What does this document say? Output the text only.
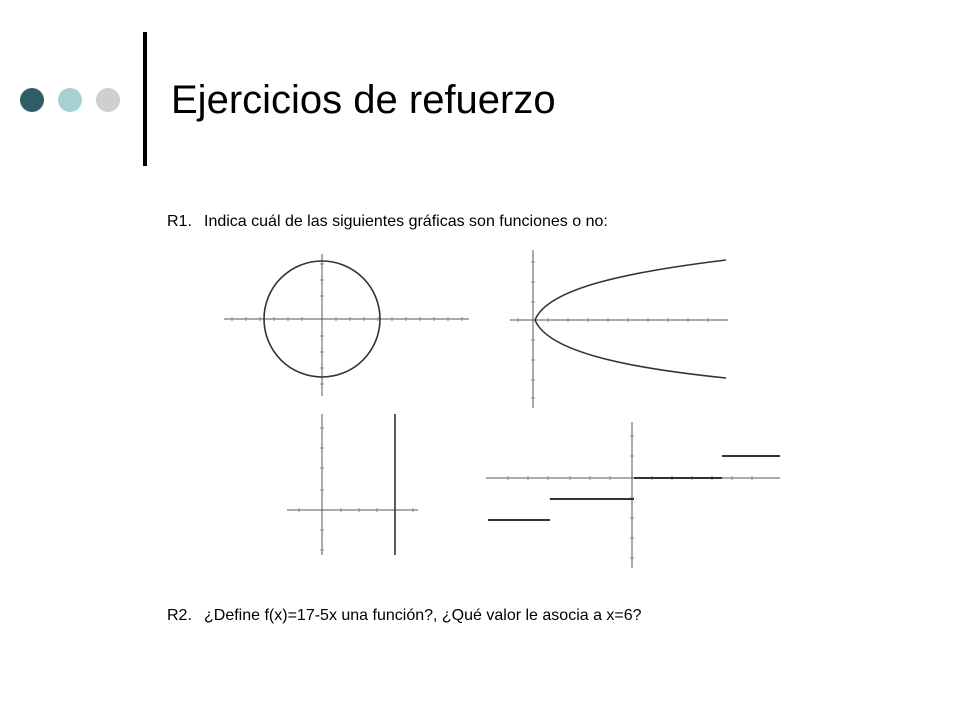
Ejercicios de refuerzo
R1. Indica cuál de las siguientes gráficas son funciones o no:
R2. ¿Define f(x)=17-5x una función?, ¿Qué valor le asocia a x=6?
